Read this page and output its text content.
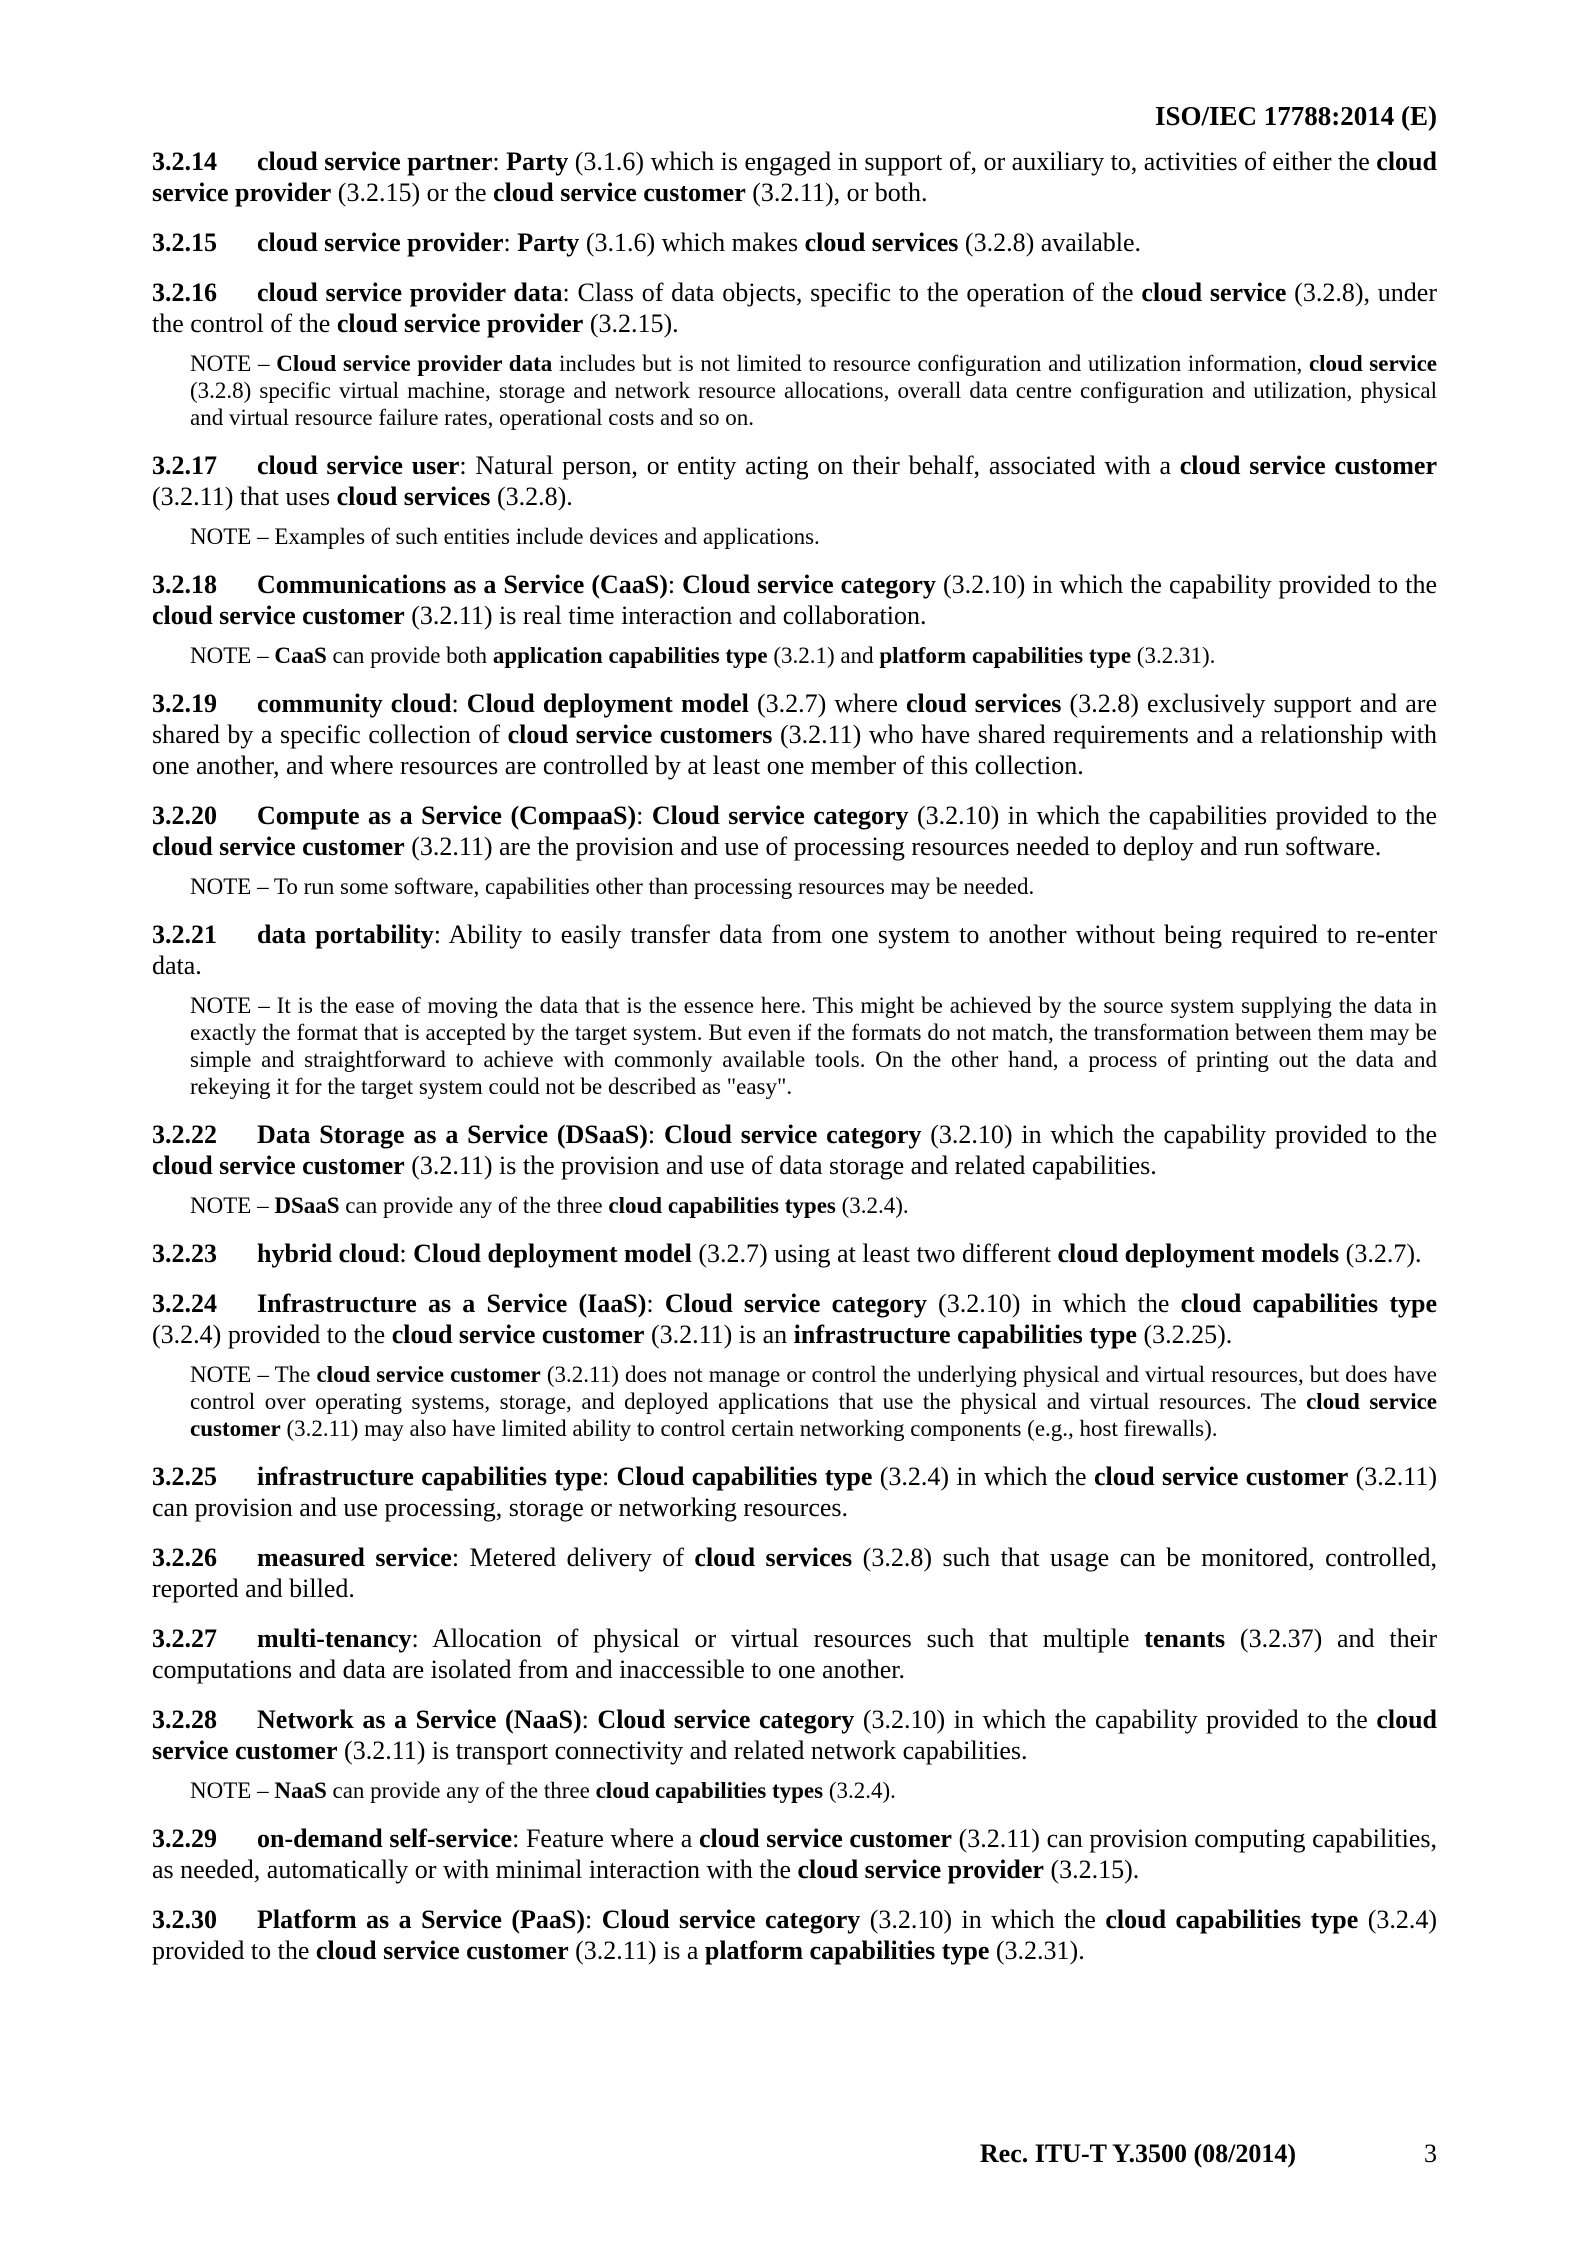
ISO/IEC 17788:2014 (E)

3.2.14 cloud service partner: Party (3.1.6) which is engaged in support of, or auxiliary to, activities of either the cloud service provider (3.2.15) or the cloud service customer (3.2.11), or both.

3.2.15 cloud service provider: Party (3.1.6) which makes cloud services (3.2.8) available.

3.2.16 cloud service provider data: Class of data objects, specific to the operation of the cloud service (3.2.8), under the control of the cloud service provider (3.2.15).

NOTE – Cloud service provider data includes but is not limited to resource configuration and utilization information, cloud service (3.2.8) specific virtual machine, storage and network resource allocations, overall data centre configuration and utilization, physical and virtual resource failure rates, operational costs and so on.

3.2.17 cloud service user: Natural person, or entity acting on their behalf, associated with a cloud service customer (3.2.11) that uses cloud services (3.2.8).

NOTE – Examples of such entities include devices and applications.

3.2.18 Communications as a Service (CaaS): Cloud service category (3.2.10) in which the capability provided to the cloud service customer (3.2.11) is real time interaction and collaboration.

NOTE – CaaS can provide both application capabilities type (3.2.1) and platform capabilities type (3.2.31).

3.2.19 community cloud: Cloud deployment model (3.2.7) where cloud services (3.2.8) exclusively support and are shared by a specific collection of cloud service customers (3.2.11) who have shared requirements and a relationship with one another, and where resources are controlled by at least one member of this collection.

3.2.20 Compute as a Service (CompaaS): Cloud service category (3.2.10) in which the capabilities provided to the cloud service customer (3.2.11) are the provision and use of processing resources needed to deploy and run software.

NOTE – To run some software, capabilities other than processing resources may be needed.

3.2.21 data portability: Ability to easily transfer data from one system to another without being required to re-enter data.

NOTE – It is the ease of moving the data that is the essence here. This might be achieved by the source system supplying the data in exactly the format that is accepted by the target system. But even if the formats do not match, the transformation between them may be simple and straightforward to achieve with commonly available tools. On the other hand, a process of printing out the data and rekeying it for the target system could not be described as "easy".

3.2.22 Data Storage as a Service (DSaaS): Cloud service category (3.2.10) in which the capability provided to the cloud service customer (3.2.11) is the provision and use of data storage and related capabilities.

NOTE – DSaaS can provide any of the three cloud capabilities types (3.2.4).

3.2.23 hybrid cloud: Cloud deployment model (3.2.7) using at least two different cloud deployment models (3.2.7).

3.2.24 Infrastructure as a Service (IaaS): Cloud service category (3.2.10) in which the cloud capabilities type (3.2.4) provided to the cloud service customer (3.2.11) is an infrastructure capabilities type (3.2.25).

NOTE – The cloud service customer (3.2.11) does not manage or control the underlying physical and virtual resources, but does have control over operating systems, storage, and deployed applications that use the physical and virtual resources. The cloud service customer (3.2.11) may also have limited ability to control certain networking components (e.g., host firewalls).

3.2.25 infrastructure capabilities type: Cloud capabilities type (3.2.4) in which the cloud service customer (3.2.11) can provision and use processing, storage or networking resources.

3.2.26 measured service: Metered delivery of cloud services (3.2.8) such that usage can be monitored, controlled, reported and billed.

3.2.27 multi-tenancy: Allocation of physical or virtual resources such that multiple tenants (3.2.37) and their computations and data are isolated from and inaccessible to one another.

3.2.28 Network as a Service (NaaS): Cloud service category (3.2.10) in which the capability provided to the cloud service customer (3.2.11) is transport connectivity and related network capabilities.

NOTE – NaaS can provide any of the three cloud capabilities types (3.2.4).

3.2.29 on-demand self-service: Feature where a cloud service customer (3.2.11) can provision computing capabilities, as needed, automatically or with minimal interaction with the cloud service provider (3.2.15).

3.2.30 Platform as a Service (PaaS): Cloud service category (3.2.10) in which the cloud capabilities type (3.2.4) provided to the cloud service customer (3.2.11) is a platform capabilities type (3.2.31).

Rec. ITU-T Y.3500 (08/2014)	3
